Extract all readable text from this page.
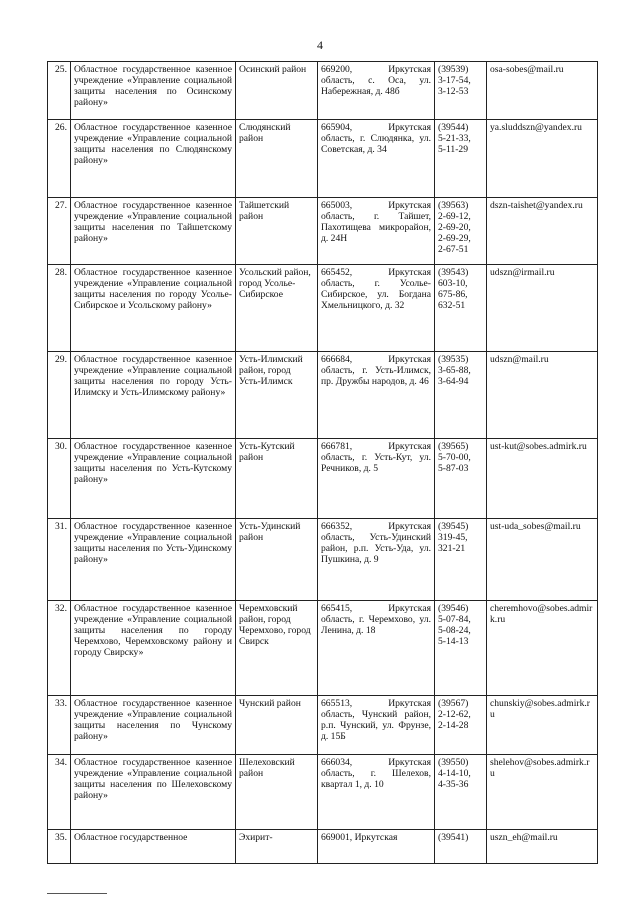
4
25.	Областное государственное казенное учреждение «Управление социальной защиты населения по Осинскому району»	Осинский район	669200, Иркутская область, с. Оса, ул. Набережная, д. 48б	(39539)
3-17-54,
3-12-53	osa-sobes@mail.ru
26.	Областное государственное казенное учреждение «Управление социальной защиты населения по Слюдянскому району»	Слюдянский район	665904, Иркутская область, г. Слюдянка, ул. Советская, д. 34	(39544)
5-21-33,
5-11-29	ya.sluddszn@yandex.ru
27.	Областное государственное казенное учреждение «Управление социальной защиты населения по Тайшетскому району»	Тайшетский район	665003, Иркутская область, г. Тайшет, Пахотищева микрорайон, д. 24Н	(39563)
2-69-12,
2-69-20,
2-69-29,
2-67-51	dszn-taishet@yandex.ru
28.	Областное государственное казенное учреждение «Управление социальной защиты населения по городу Усолье-Сибирское и Усольскому району»	Усольский район, город Усолье-Сибирское	665452, Иркутская область, г. Усолье-Сибирское, ул. Богдана Хмельницкого, д. 32	(39543)
603-10,
675-86,
632-51	udszn@irmail.ru
29.	Областное государственное казенное учреждение «Управление социальной защиты населения по городу Усть-Илимску и Усть-Илимскому району»	Усть-Илимский район, город Усть-Илимск	666684, Иркутская область, г. Усть-Илимск, пр. Дружбы народов, д. 46	(39535)
3-65-88,
3-64-94	udszn@mail.ru
30.	Областное государственное казенное учреждение «Управление социальной защиты населения по Усть-Кутскому району»	Усть-Кутский район	666781, Иркутская область, г. Усть-Кут, ул. Речников, д. 5	(39565)
5-70-00,
5-87-03	ust-kut@sobes.admirk.ru
31.	Областное государственное казенное учреждение «Управление социальной защиты населения по Усть-Удинскому району»	Усть-Удинский район	666352, Иркутская область, Усть-Удинский район, р.п. Усть-Уда, ул. Пушкина, д. 9	(39545)
319-45,
321-21	ust-uda_sobes@mail.ru
32.	Областное государственное казенное учреждение «Управление социальной защиты населения по городу Черемхово, Черемховскому району и городу Свирску»	Черемховский район, город Черемхово, город Свирск	665415, Иркутская область, г. Черемхово, ул. Ленина, д. 18	(39546)
5-07-84,
5-08-24,
5-14-13	cheremhovo@sobes.admirk.ru
33.	Областное государственное казенное учреждение «Управление социальной защиты населения по Чунскому району»	Чунский район	665513, Иркутская область, Чунский район, р.п. Чунский, ул. Фрунзе, д. 15Б	(39567)
2-12-62,
2-14-28	chunskiy@sobes.admirk.ru
34.	Областное государственное казенное учреждение «Управление социальной защиты населения по Шелеховскому району»	Шелеховский район	666034, Иркутская область, г. Шелехов, квартал 1, д. 10	(39550)
4-14-10,
4-35-36	shelehov@sobes.admirk.ru
35.	Областное государственное	Эхирит-	669001, Иркутская	(39541)	uszn_eh@mail.ru
